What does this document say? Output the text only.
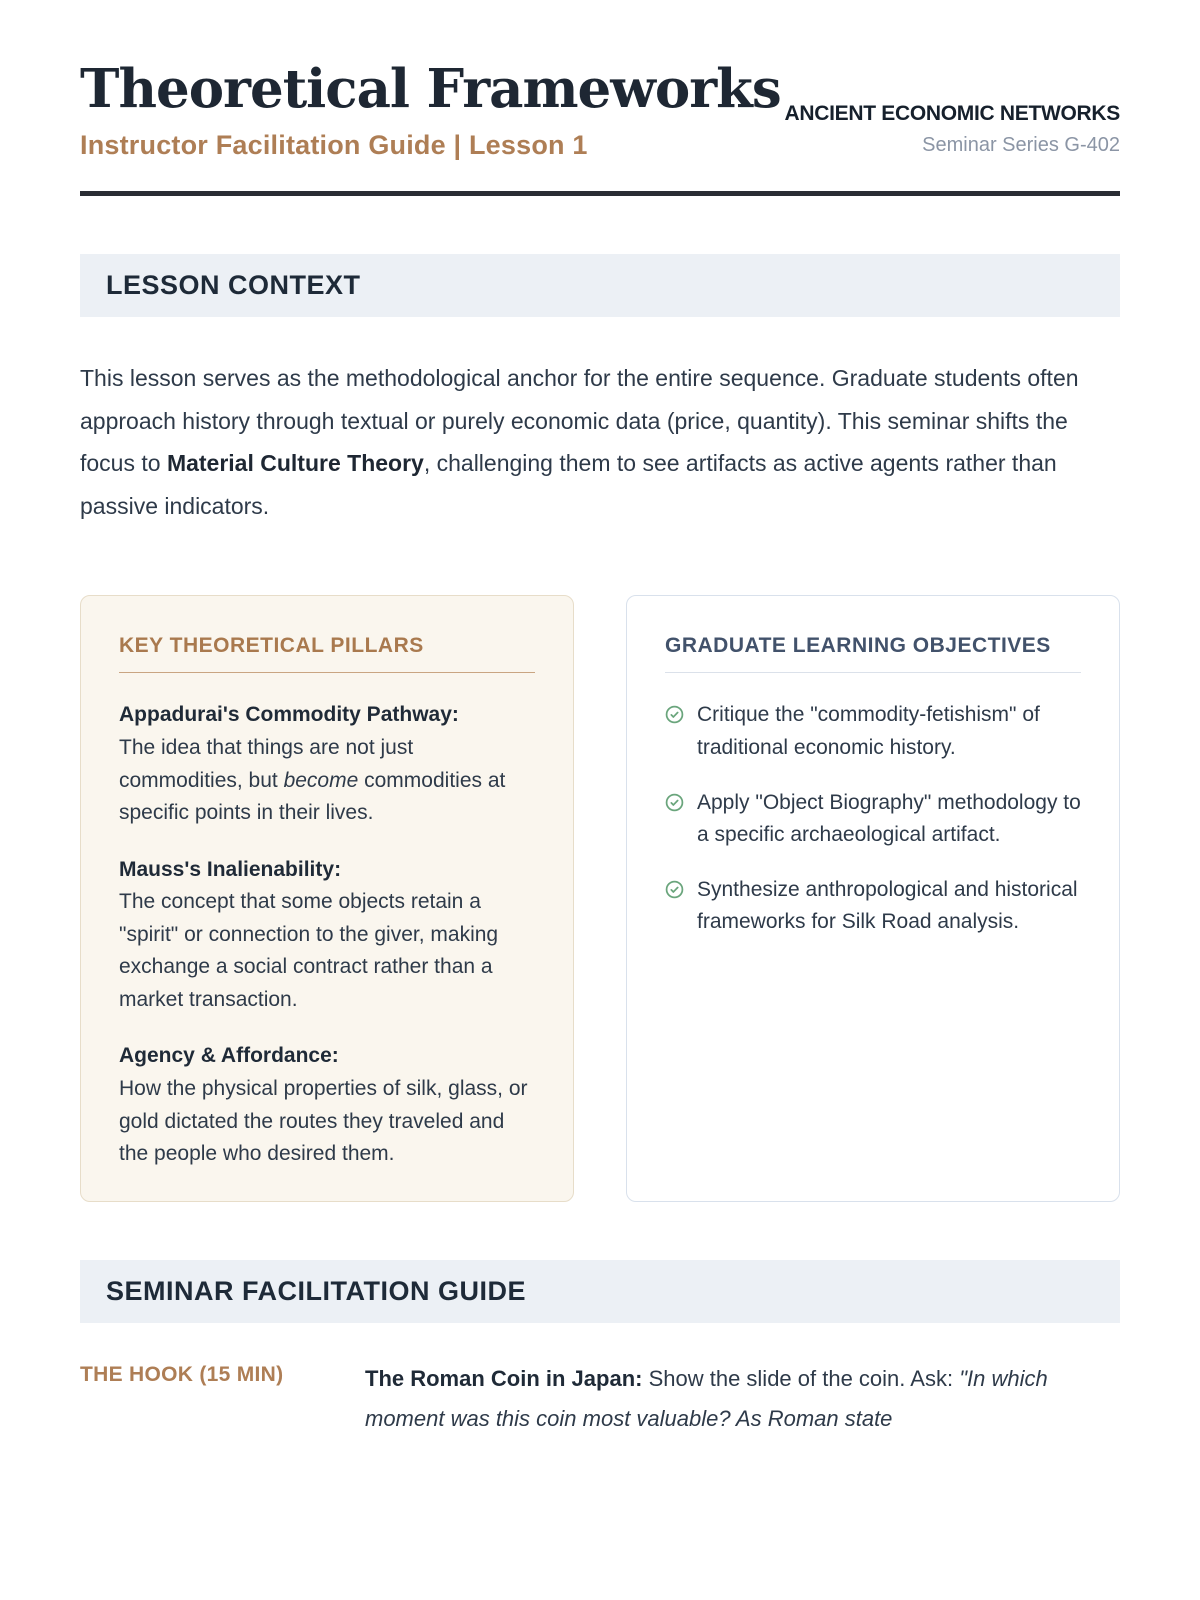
Theoretical Frameworks
Instructor Facilitation Guide | Lesson 1
ANCIENT ECONOMIC NETWORKS
Seminar Series G-402
LESSON CONTEXT

This lesson serves as the methodological anchor for the entire sequence. Graduate students often approach history through textual or purely economic data (price, quantity). This seminar shifts the focus to Material Culture Theory, challenging them to see artifacts as active agents rather than passive indicators.

KEY THEORETICAL PILLARS
Appadurai's Commodity Pathway:
The idea that things are not just commodities, but become commodities at specific points in their lives.
Mauss's Inalienability:
The concept that some objects retain a "spirit" or connection to the giver, making exchange a social contract rather than a market transaction.
Agency & Affordance:
How the physical properties of silk, glass, or gold dictated the routes they traveled and the people who desired them.
GRADUATE LEARNING OBJECTIVES
Critique the "commodity-fetishism" of traditional economic history.
Apply "Object Biography" methodology to a specific archaeological artifact.
Synthesize anthropological and historical frameworks for Silk Road analysis.
SEMINAR FACILITATION GUIDE
THE HOOK (15 MIN)	The Roman Coin in Japan: Show the slide of the coin. Ask: "In which moment was this coin most valuable? As Roman state
